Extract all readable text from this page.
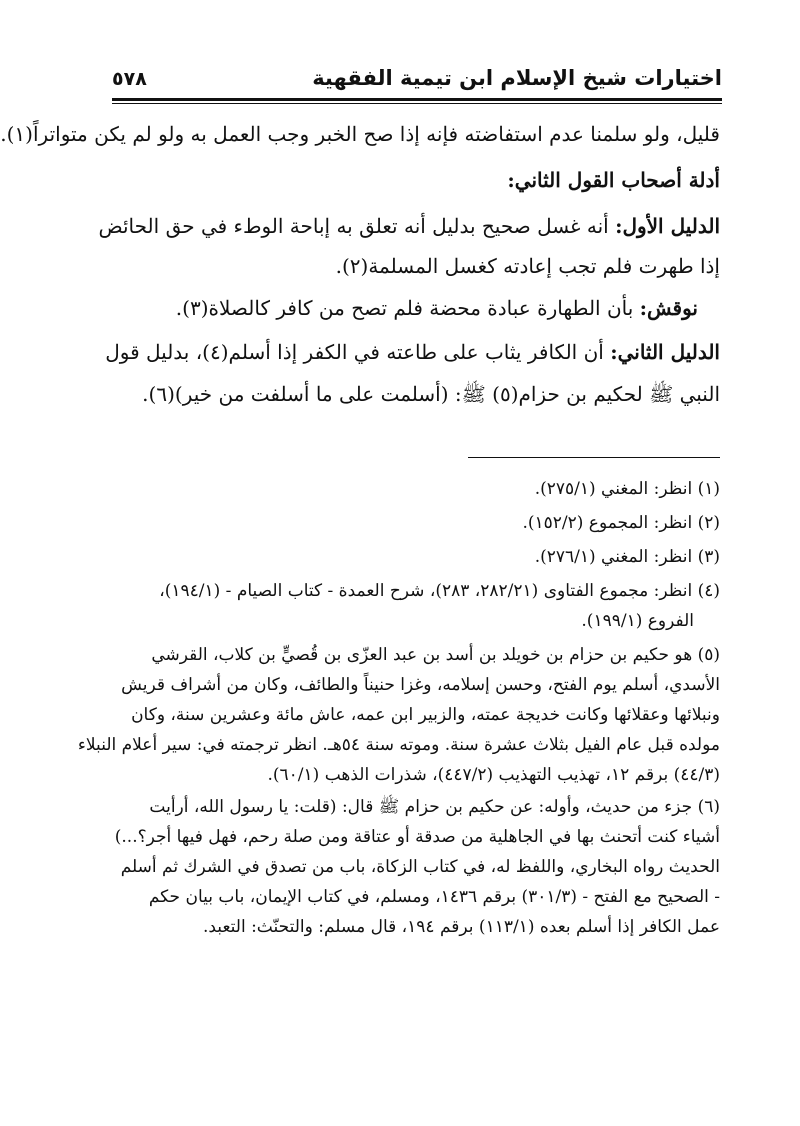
اختيارات شيخ الإسلام ابن تيمية الفقهية
٥٧٨
قليل، ولو سلمنا عدم استفاضته فإنه إذا صح الخبر وجب العمل به ولو لم يكن متواتراً(١).
أدلة أصحاب القول الثاني:
الدليل الأول: أنه غسل صحيح بدليل أنه تعلق به إباحة الوطء في حق الحائض
إذا طهرت فلم تجب إعادته كغسل المسلمة(٢).
نوقش: بأن الطهارة عبادة محضة فلم تصح من كافر كالصلاة(٣).
الدليل الثاني: أن الكافر يثاب على طاعته في الكفر إذا أسلم(٤)، بدليل قول
النبي ﷺ لحكيم بن حزام(٥) ﷺ: (أسلمت على ما أسلفت من خير)(٦).
(١) انظر: المغني (٢٧٥/١).
(٢) انظر: المجموع (١٥٢/٢).
(٣) انظر: المغني (٢٧٦/١).
(٤) انظر: مجموع الفتاوى (٢٨٢/٢١، ٢٨٣)، شرح العمدة - كتاب الصيام - (١٩٤/١)،
الفروع (١٩٩/١).
(٥) هو حكيم بن حزام بن خويلد بن أسد بن عبد العزّى بن قُصيٍّ بن كلاب، القرشي
الأسدي، أسلم يوم الفتح، وحسن إسلامه، وغزا حنيناً والطائف، وكان من أشراف قريش
ونبلائها وعقلائها وكانت خديجة عمته، والزبير ابن عمه، عاش مائة وعشرين سنة، وكان
مولده قبل عام الفيل بثلاث عشرة سنة. وموته سنة ٥٤هـ. انظر ترجمته في: سير أعلام النبلاء
(٤٤/٣) برقم ١٢، تهذيب التهذيب (٤٤٧/٢)، شذرات الذهب (٦٠/١).
(٦) جزء من حديث، وأوله: عن حكيم بن حزام ﷺ قال: (قلت: يا رسول الله، أرأيت
أشياء كنت أتحنث بها في الجاهلية من صدقة أو عتاقة ومن صلة رحم، فهل فيها أجر؟...)
الحديث رواه البخاري، واللفظ له، في كتاب الزكاة، باب من تصدق في الشرك ثم أسلم
- الصحيح مع الفتح - (٣٠١/٣) برقم ١٤٣٦، ومسلم، في كتاب الإيمان، باب بيان حكم
عمل الكافر إذا أسلم بعده (١١٣/١) برقم ١٩٤، قال مسلم: والتحنّث: التعبد.
